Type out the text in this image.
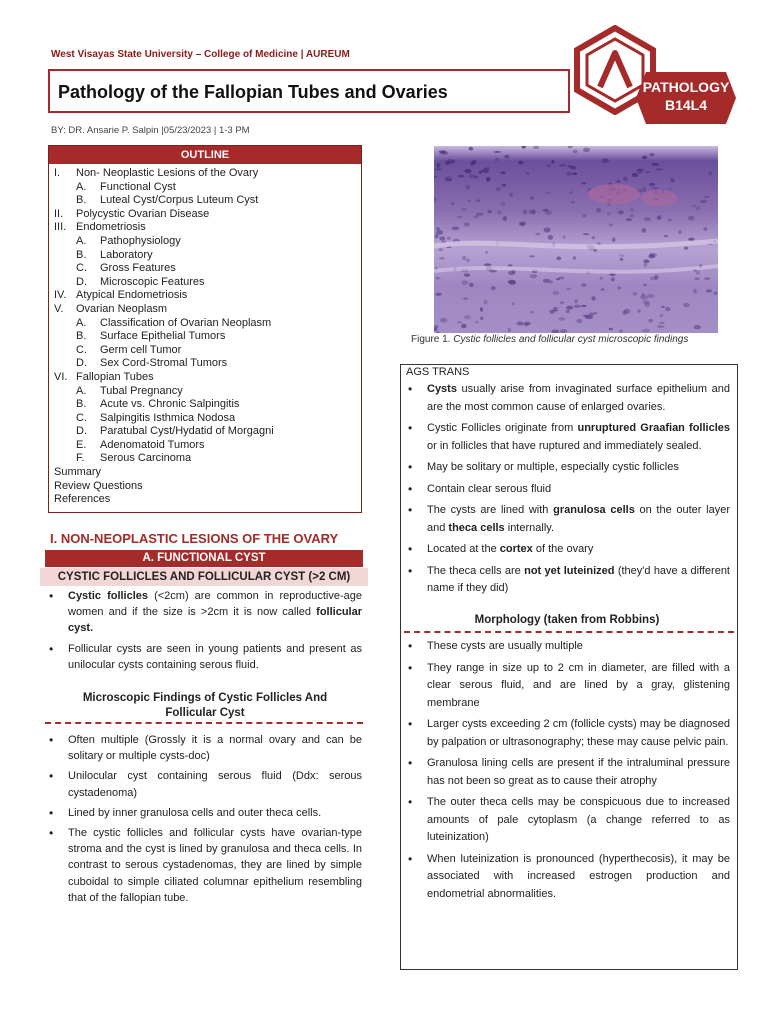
West Visayas State University – College of Medicine | AUREUM
Pathology of the Fallopian Tubes and Ovaries
BY: DR. Ansarie P. Salpin |05/23/2023 | 1-3 PM
PATHOLOGY
B14L4
OUTLINE
I. Non- Neoplastic Lesions of the Ovary
A. Functional Cyst
B. Luteal Cyst/Corpus Luteum Cyst
II. Polycystic Ovarian Disease
III. Endometriosis
A. Pathophysiology
B. Laboratory
C. Gross Features
D. Microscopic Features
IV. Atypical Endometriosis
V. Ovarian Neoplasm
A. Classification of Ovarian Neoplasm
B. Surface Epithelial Tumors
C. Germ cell Tumor
D. Sex Cord-Stromal Tumors
VI. Fallopian Tubes
A. Tubal Pregnancy
B. Acute vs. Chronic Salpingitis
C. Salpingitis Isthmica Nodosa
D. Paratubal Cyst/Hydatid of Morgagni
E. Adenomatoid Tumors
F. Serous Carcinoma
Summary
Review Questions
References
I. NON-NEOPLASTIC LESIONS OF THE OVARY
A. FUNCTIONAL CYST
CYSTIC FOLLICLES AND FOLLICULAR CYST (>2 CM)
• Cystic follicles (<2cm) are common in reproductive-age women and if the size is >2cm it is now called follicular cyst.
• Follicular cysts are seen in young patients and present as unilocular cysts containing serous fluid.
Microscopic Findings of Cystic Follicles And Follicular Cyst
• Often multiple (Grossly it is a normal ovary and can be solitary or multiple cysts-doc)
• Unilocular cyst containing serous fluid (Ddx: serous cystadenoma)
• Lined by inner granulosa cells and outer theca cells.
• The cystic follicles and follicular cysts have ovarian-type stroma and the cyst is lined by granulosa and theca cells. In contrast to serous cystadenomas, they are lined by simple cuboidal to simple ciliated columnar epithelium resembling that of the fallopian tube.
Figure 1. Cystic follicles and follicular cyst microscopic findings
AGS TRANS
• Cysts usually arise from invaginated surface epithelium and are the most common cause of enlarged ovaries.
• Cystic Follicles originate from unruptured Graafian follicles or in follicles that have ruptured and immediately sealed.
• May be solitary or multiple, especially cystic follicles
• Contain clear serous fluid
• The cysts are lined with granulosa cells on the outer layer and theca cells internally.
• Located at the cortex of the ovary
• The theca cells are not yet luteinized (they'd have a different name if they did)
Morphology (taken from Robbins)
• These cysts are usually multiple
• They range in size up to 2 cm in diameter, are filled with a clear serous fluid, and are lined by a gray, glistening membrane
• Larger cysts exceeding 2 cm (follicle cysts) may be diagnosed by palpation or ultrasonography; these may cause pelvic pain.
• Granulosa lining cells are present if the intraluminal pressure has not been so great as to cause their atrophy
• The outer theca cells may be conspicuous due to increased amounts of pale cytoplasm (a change referred to as luteinization)
• When luteinization is pronounced (hyperthecosis), it may be associated with increased estrogen production and endometrial abnormalities.
